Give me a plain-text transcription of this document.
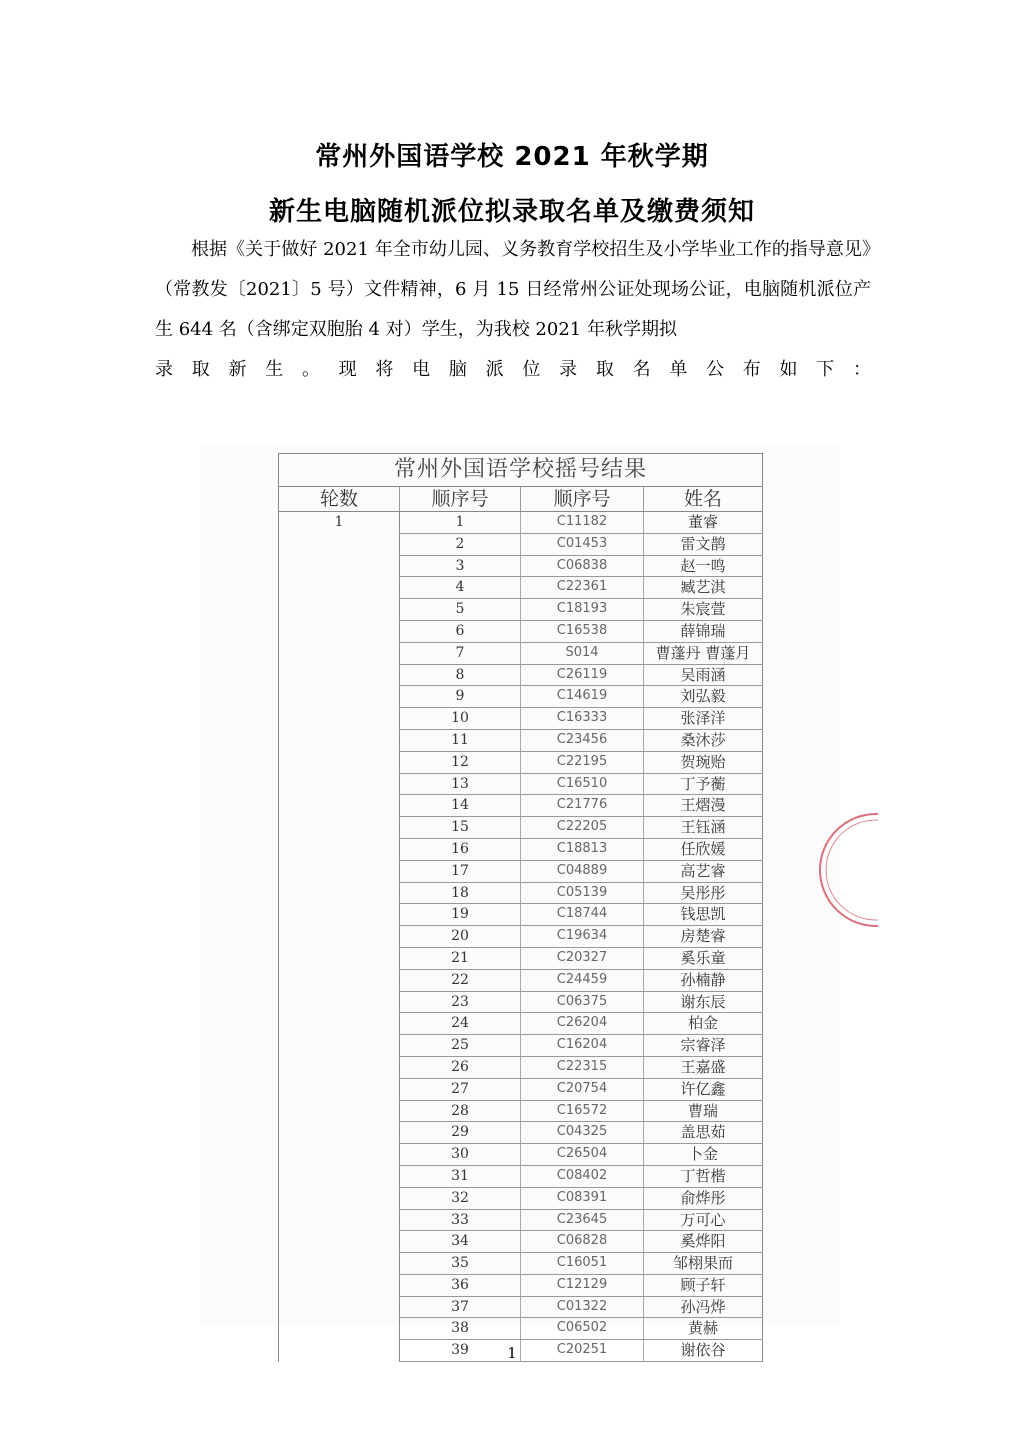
常州外国语学校 2021 年秋学期
新生电脑随机派位拟录取名单及缴费须知
根据《关于做好 2021 年全市幼儿园、义务教育学校招生及小学毕业工作的指导意见》（常教发〔2021〕5 号）文件精神，6 月 15 日经常州公证处现场公证，电脑随机派位产生 644 名（含绑定双胞胎 4 对）学生，为我校 2021 年秋学期拟
录取新生。现将电脑派位录取名单公布如下：
常州外国语学校摇号结果			
轮数	顺序号	顺序号	姓名
1	1	C11182	董睿
	2	C01453	雷文鹊
	3	C06838	赵一鸣
	4	C22361	臧艺淇
	5	C18193	朱宸萱
	6	C16538	薛锦瑞
	7	S014	曹蓬丹 曹蓬月
	8	C26119	吴雨涵
	9	C14619	刘弘毅
	10	C16333	张泽洋
	11	C23456	桑沐莎
	12	C22195	贺琬贻
	13	C16510	丁予蘅
	14	C21776	王熠漫
	15	C22205	王钰涵
	16	C18813	任欣媛
	17	C04889	高艺睿
	18	C05139	吴彤彤
	19	C18744	钱思凯
	20	C19634	房楚睿
	21	C20327	奚乐童
	22	C24459	孙楠静
	23	C06375	谢东辰
	24	C26204	柏金
	25	C16204	宗睿泽
	26	C22315	王嘉盛
	27	C20754	许亿鑫
	28	C16572	曹瑞
	29	C04325	盖思茹
	30	C26504	卜金
	31	C08402	丁哲楷
	32	C08391	俞烨彤
	33	C23645	万可心
	34	C06828	奚烨阳
	35	C16051	邹栩果而
	36	C12129	顾子轩
	37	C01322	孙冯烨
	38	C06502	黄赫
	39	C20251	谢依谷
1
